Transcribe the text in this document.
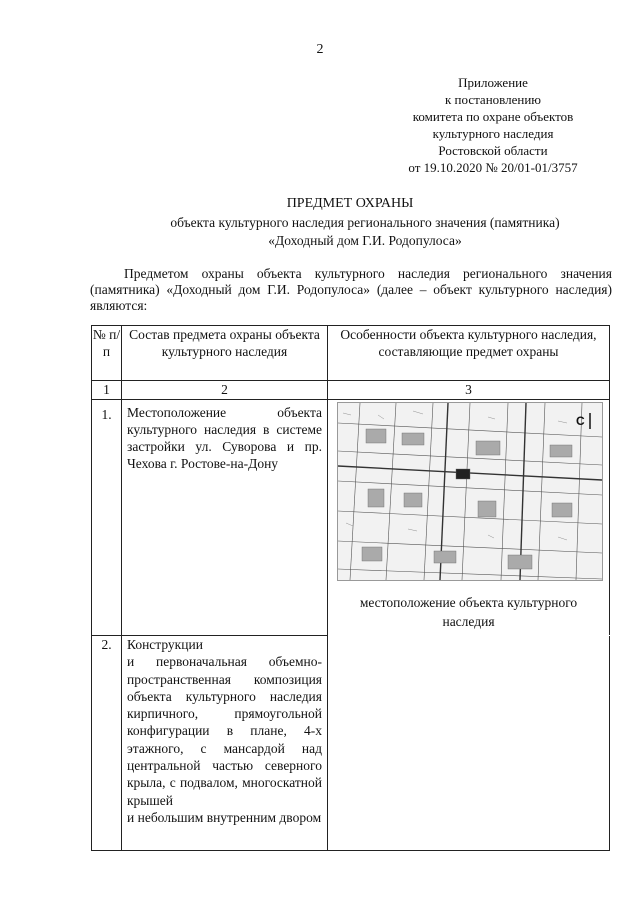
2
Приложение
к постановлению
комитета по охране объектов
культурного наследия
Ростовской области
от 19.10.2020 № 20/01-01/3757
ПРЕДМЕТ ОХРАНЫ
объекта культурного наследия регионального значения (памятника)
«Доходный дом Г.И. Родопулоса»
Предметом охраны объекта культурного наследия регионального значения (памятника) «Доходный дом Г.И. Родопулоса» (далее – объект культурного наследия) являются:
№ п/п	Состав предмета охраны объекта культурного наследия	Особенности объекта культурного наследия, составляющие предмет охраны
1	2	3
1.	Местоположение объекта культурного наследия в системе застройки ул. Суворова и пр. Чехова г. Ростове-на-Дону	С
местоположение объекта культурного наследия

2.	Конструкции
и первоначальная объемно-пространственная композиция объекта культурного наследия кирпичного, прямоугольной конфигурации в плане, 4-х этажного, с мансардой над центральной частью северного крыла, с подвалом, многоскатной крышей
и небольшим внутренним двором	
